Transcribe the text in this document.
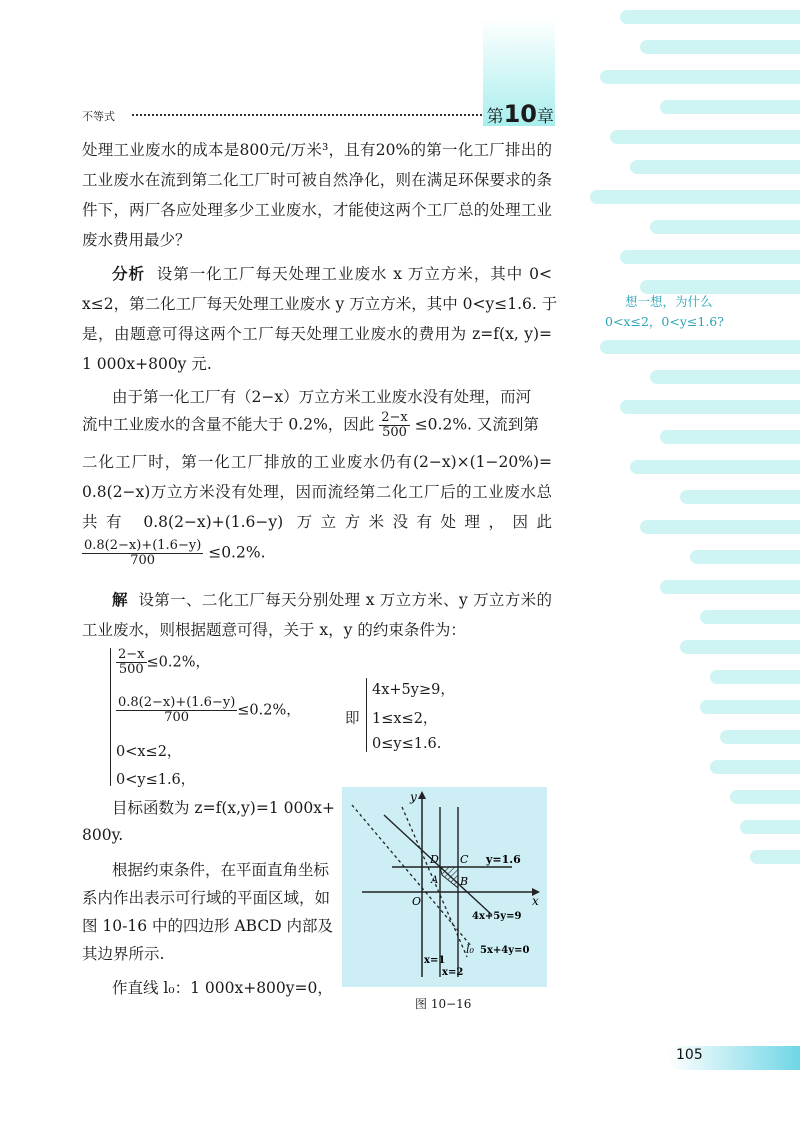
不等式	第10章
处理工业废水的成本是800元/万米³，且有20%的第一化工厂排出的
工业废水在流到第二化工厂时可被自然净化，则在满足环保要求的条
件下，两厂各应处理多少工业废水，才能使这两个工厂总的处理工业
废水费用最少？
分析 设第一化工厂每天处理工业废水 x 万立方米，其中 0<
x≤2，第二化工厂每天处理工业废水 y 万立方米，其中 0<y≤1.6. 于
是，由题意可得这两个工厂每天处理工业废水的费用为 z=f(x, y)=
1 000x+800y 元.
由于第一化工厂有（2−x）万立方米工业废水没有处理，而河
流中工业废水的含量不能大于 0.2%，因此 $\frac{2-x}{500} \le 0.2\%$. 又流到第
二化工厂时，第一化工厂排放的工业废水仍有(2−x)×(1−20%)=
0.8(2−x)万立方米没有处理，因而流经第二化工厂后的工业废水总
共有 0.8(2−x)+(1.6−y) 万立方米没有处理，因此
$\frac{0.8(2-x)+(1.6-y)}{700} \le 0.2\%$.
想一想，为什么
0<x≤2，0<y≤1.6?
解 设第一、二化工厂每天分别处理 x 万立方米、y 万立方米的
工业废水，则根据题意可得，关于 x，y 的约束条件为：
$\frac{2-x}{500} \le 0.2\%$，
$\frac{0.8(2-x)+(1.6-y)}{700} \le 0.2\%$，
0<x≤2，
0<y≤1.6，
即
4x+5y≥9，
1≤x≤2，
0≤y≤1.6.
目标函数为 z=f(x,y)=1 000x+
800y.
根据约束条件，在平面直角坐标
系内作出表示可行域的平面区域，如
图 10-16 中的四边形 ABCD 内部及
其边界所示.
作直线 l₀：1 000x+800y=0，
y
x
O
D C
A B
y=1.6
4x+5y=9
l₀ 5x+4y=0
x=1
x=2
图 10−16
105
